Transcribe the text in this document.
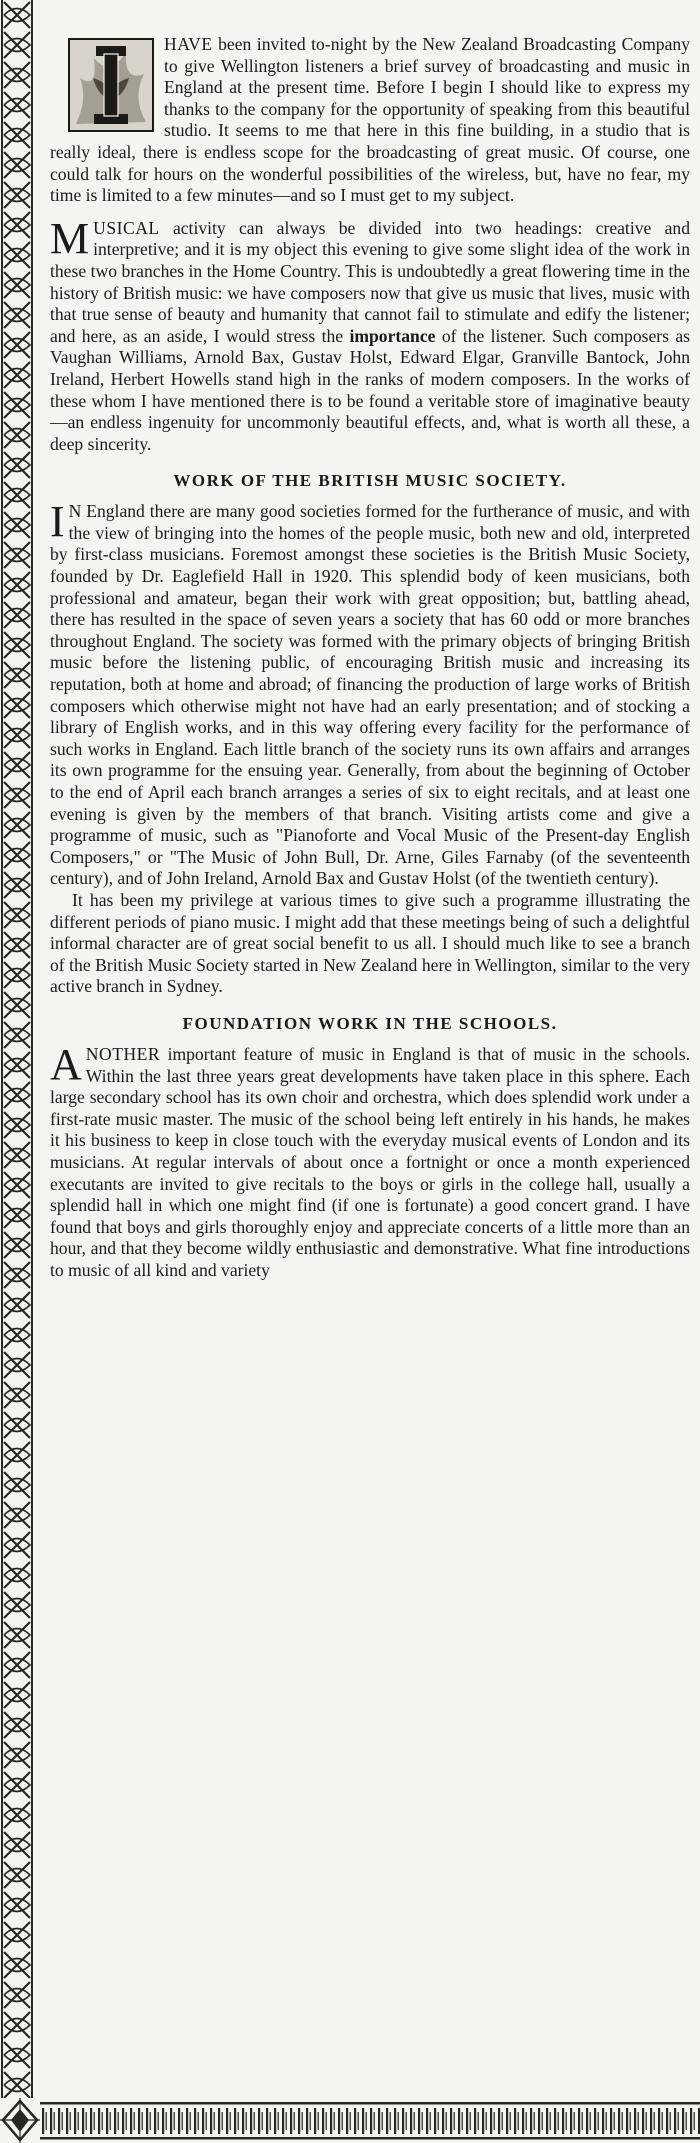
HAVE been invited to-night by the New Zealand Broadcasting Company to give Wellington listeners a brief survey of broadcasting and music in England at the present time. Before I begin I should like to express my thanks to the company for the opportunity of speaking from this beautiful studio. It seems to me that here in this fine building, in a studio that is really ideal, there is endless scope for the broadcasting of great music. Of course, one could talk for hours on the wonderful possibilities of the wireless, but, have no fear, my time is limited to a few minutes—and so I must get to my subject.

M USICAL activity can always be divided into two headings: creative and interpretive; and it is my object this evening to give some slight idea of the work in these two branches in the Home Country. This is undoubtedly a great flowering time in the history of British music: we have composers now that give us music that lives, music with that true sense of beauty and humanity that cannot fail to stimulate and edify the listener; and here, as an aside, I would stress the importance of the listener. Such composers as Vaughan Williams, Arnold Bax, Gustav Holst, Edward Elgar, Granville Bantock, John Ireland, Herbert Howells stand high in the ranks of modern composers. In the works of these whom I have mentioned there is to be found a veritable store of imaginative beauty—an endless ingenuity for uncommonly beautiful effects, and, what is worth all these, a deep sincerity.

WORK OF THE BRITISH MUSIC SOCIETY.

I N England there are many good societies formed for the furtherance of music, and with the view of bringing into the homes of the people music, both new and old, interpreted by first-class musicians. Foremost amongst these societies is the British Music Society, founded by Dr. Eaglefield Hall in 1920. This splendid body of keen musicians, both professional and amateur, began their work with great opposition; but, battling ahead, there has resulted in the space of seven years a society that has 60 odd or more branches throughout England. The society was formed with the primary objects of bringing British music before the listening public, of encouraging British music and increasing its reputation, both at home and abroad; of financing the production of large works of British composers which otherwise might not have had an early presentation; and of stocking a library of English works, and in this way offering every facility for the performance of such works in England. Each little branch of the society runs its own affairs and arranges its own programme for the ensuing year. Generally, from about the beginning of October to the end of April each branch arranges a series of six to eight recitals, and at least one evening is given by the members of that branch. Visiting artists come and give a programme of music, such as "Pianoforte and Vocal Music of the Present-day English Composers," or "The Music of John Bull, Dr. Arne, Giles Farnaby (of the seventeenth century), and of John Ireland, Arnold Bax and Gustav Holst (of the twentieth century).

It has been my privilege at various times to give such a programme illustrating the different periods of piano music. I might add that these meetings being of such a delightful informal character are of great social benefit to us all. I should much like to see a branch of the British Music Society started in New Zealand here in Wellington, similar to the very active branch in Sydney.

FOUNDATION WORK IN THE SCHOOLS.

A NOTHER important feature of music in England is that of music in the schools. Within the last three years great developments have taken place in this sphere. Each large secondary school has its own choir and orchestra, which does splendid work under a first-rate music master. The music of the school being left entirely in his hands, he makes it his business to keep in close touch with the everyday musical events of London and its musicians. At regular intervals of about once a fortnight or once a month experienced executants are invited to give recitals to the boys or girls in the college hall, usually a splendid hall in which one might find (if one is fortunate) a good concert grand. I have found that boys and girls thoroughly enjoy and appreciate concerts of a little more than an hour, and that they become wildly enthusiastic and demonstrative. What fine introductions to music of all kind and variety
